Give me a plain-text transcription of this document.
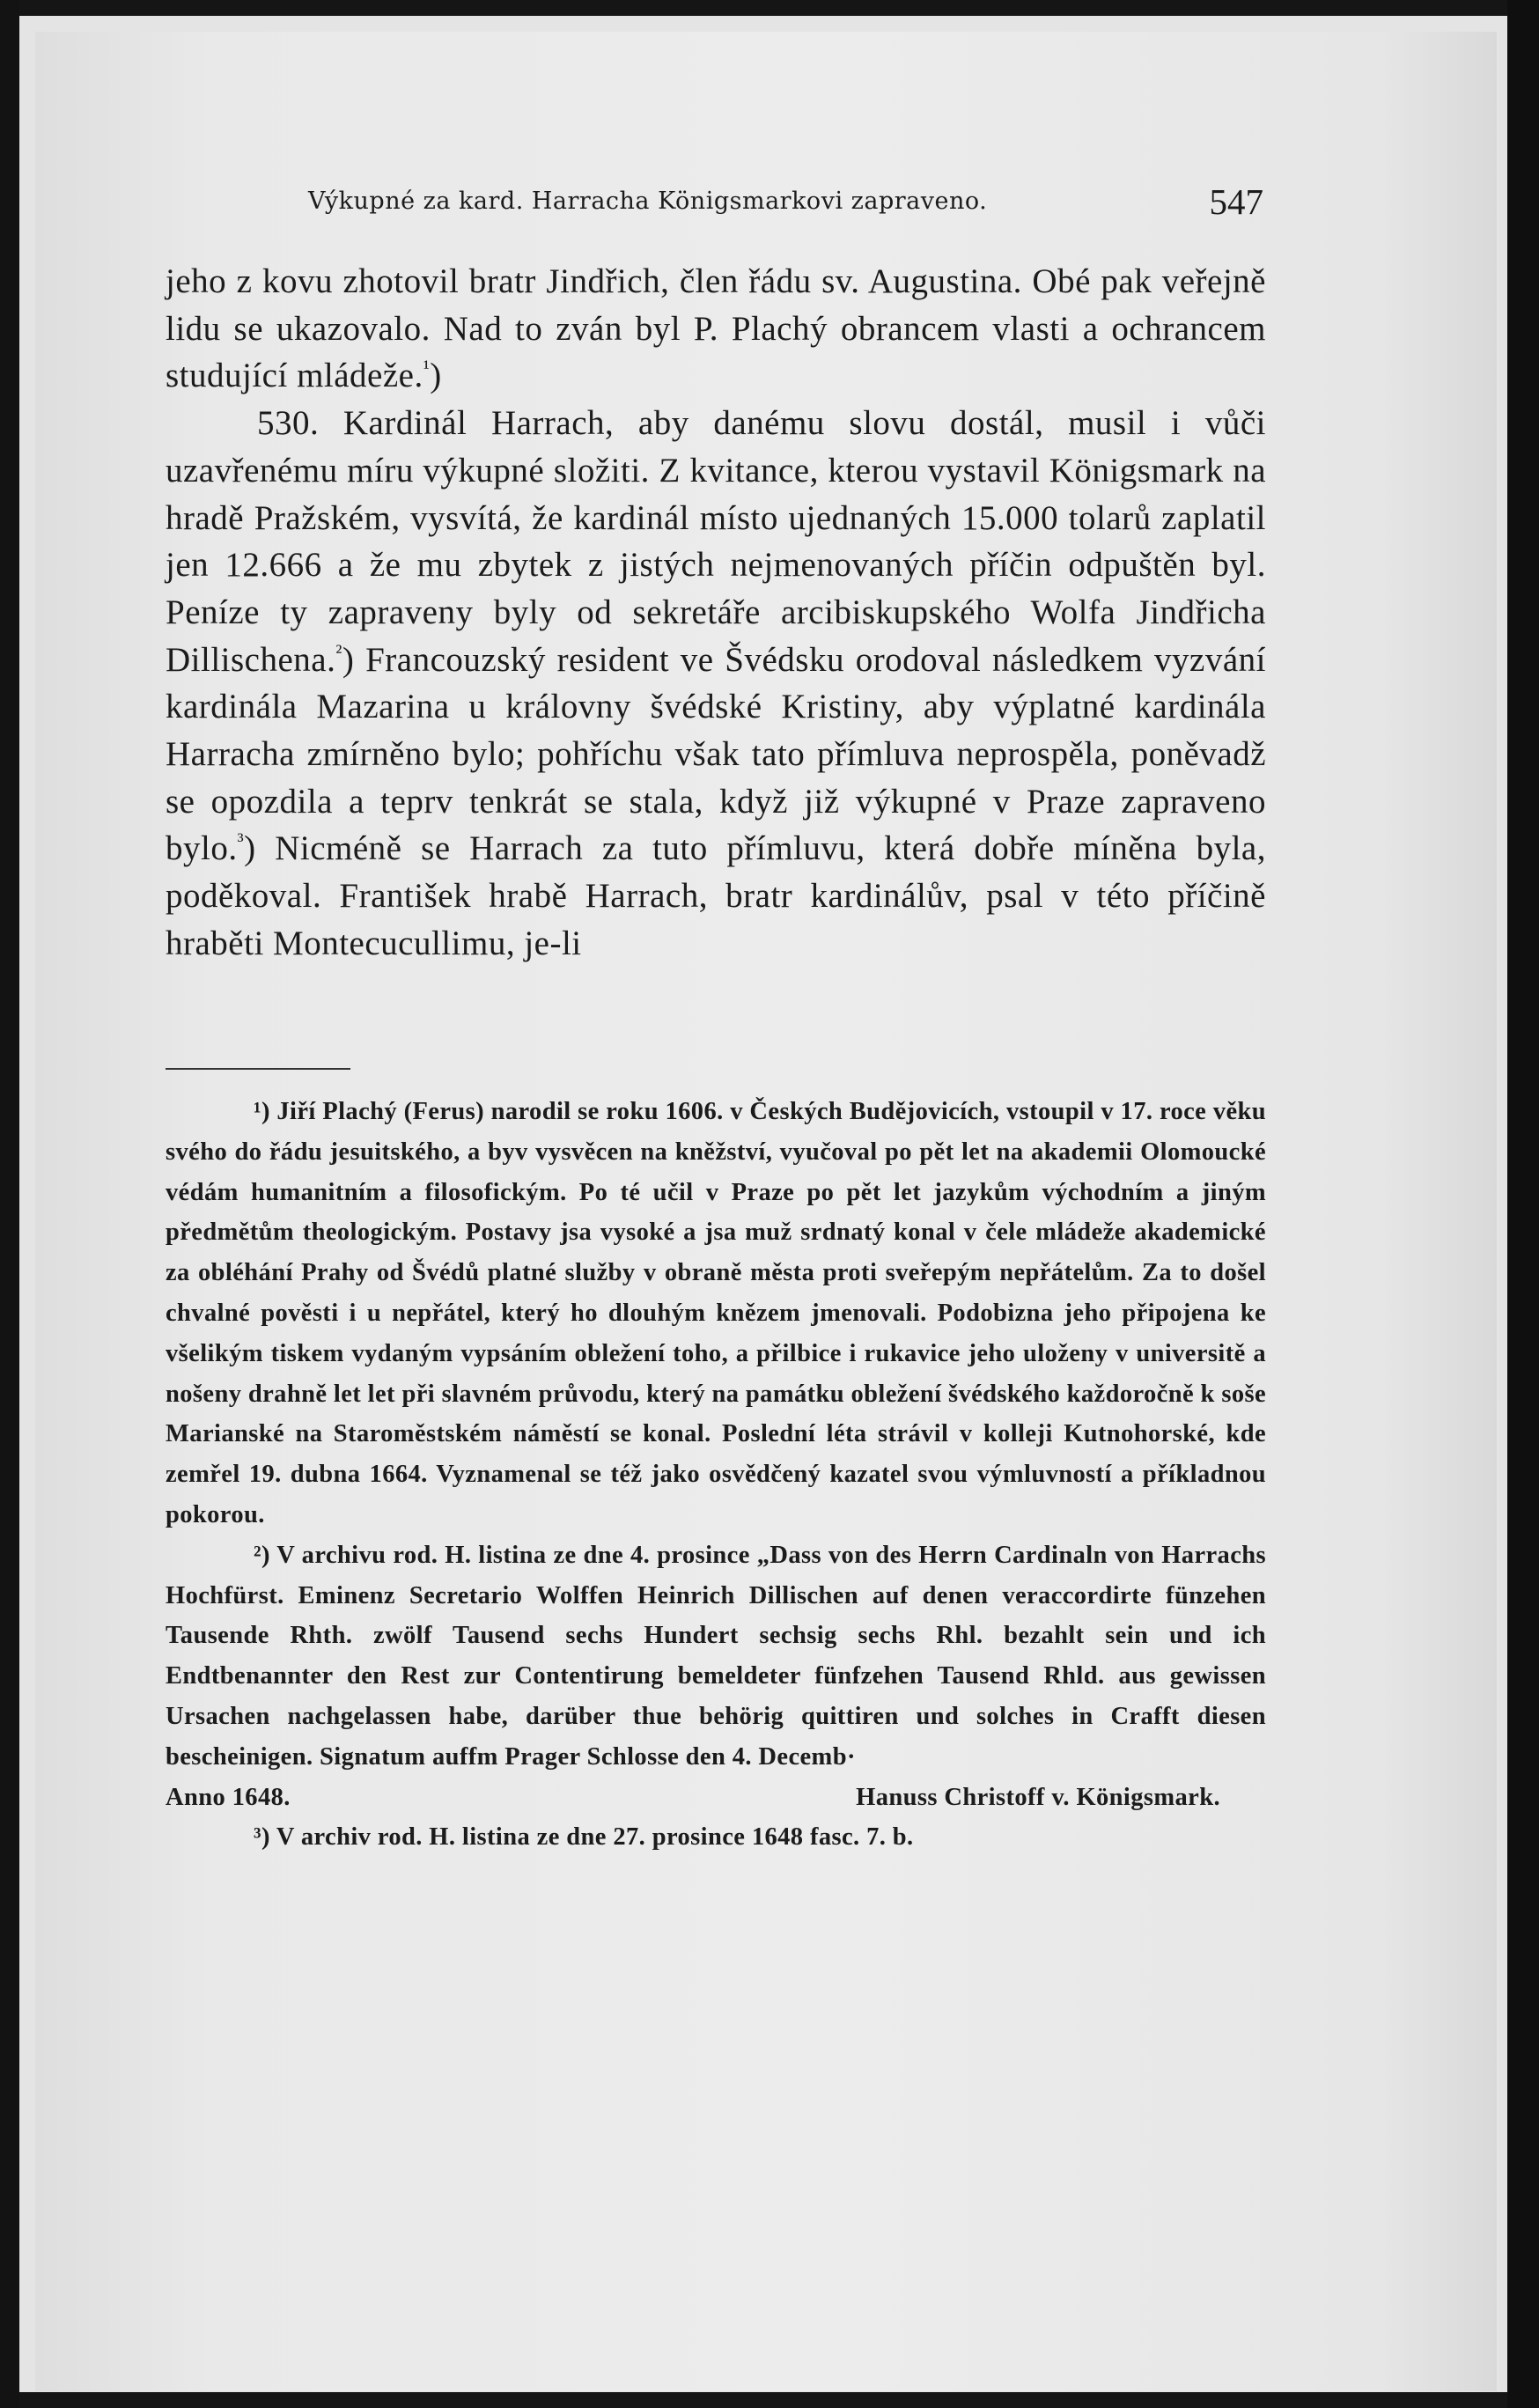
Výkupné za kard. Harracha Königsmarkovi zapraveno.	547

jeho z kovu zhotovil bratr Jindřich, člen řádu sv. Augustina. Obé pak veřejně lidu se ukazovalo. Nad to zván byl P. Plachý obrancem vlasti a ochrancem studující mládeže.$^{^1}$)

530. Kardinál Harrach, aby danému slovu dostál, musil i vůči uzavřenému míru výkupné složiti. Z kvitance, kterou vystavil Königsmark na hradě Pražském, vysvítá, že kardinál místo ujednaných 15.000 tolarů zaplatil jen 12.666 a že mu zbytek z jistých nejmenovaných příčin odpuštěn byl. Peníze ty zapraveny byly od sekretáře arcibiskupského Wolfa Jindřicha Dillischena.$^{^2}$) Francouzský resident ve Švédsku orodoval následkem vyzvání kardinála Mazarina u královny švédské Kristiny, aby výplatné kardinála Harracha zmírněno bylo; pohříchu však tato přímluva neprospěla, poněvadž se opozdila a teprv tenkrát se stala, když již výkupné v Praze zapraveno bylo.$^{^3}$) Nicméně se Harrach za tuto přímluvu, která dobře míněna byla, poděkoval. František hrabě Harrach, bratr kardinálův, psal v této příčině hraběti Montecucullimu, je-li

¹) Jiří Plachý (Ferus) narodil se roku 1606. v Českých Budějovicích, vstoupil v 17. roce věku svého do řádu jesuitského, a byv vysvěcen na kněžství, vyučoval po pět let na akademii Olomoucké védám humanitním a filosofickým. Po té učil v Praze po pět let jazykům východním a jiným předmětům theologickým. Postavy jsa vysoké a jsa muž srdnatý konal v čele mládeže akademické za obléhání Prahy od Švédů platné služby v obraně města proti sveřepým nepřátelům. Za to došel chvalné pověsti i u nepřátel, který ho dlouhým knězem jmenovali. Podobizna jeho připojena ke všelikým tiskem vydaným vypsáním obležení toho, a přilbice i rukavice jeho uloženy v universitě a nošeny drahně let let při slavném průvodu, který na památku obležení švédského každoročně k soše Marianské na Staroměstském náměstí se konal. Poslední léta strávil v kolleji Kutnohorské, kde zemřel 19. dubna 1664. Vyznamenal se též jako osvědčený kazatel svou výmluvností a příkladnou pokorou.

²) V archivu rod. H. listina ze dne 4. prosince „Dass von des Herrn Cardinaln von Harrachs Hochfürst. Eminenz Secretario Wolffen Heinrich Dillischen auf denen veraccordirte fünzehen Tausende Rhth. zwölf Tausend sechs Hundert sechsig sechs Rhl. bezahlt sein und ich Endtbenannter den Rest zur Contentirung bemeldeter fünfzehen Tausend Rhld. aus gewissen Ursachen nachgelassen habe, darüber thue behörig quittiren und solches in Crafft diesen bescheinigen. Signatum auffm Prager Schlosse den 4. Decemb·

Anno 1648.	Hanuss Christoff v. Königsmark.

³) V archiv rod. H. listina ze dne 27. prosince 1648 fasc. 7. b.
